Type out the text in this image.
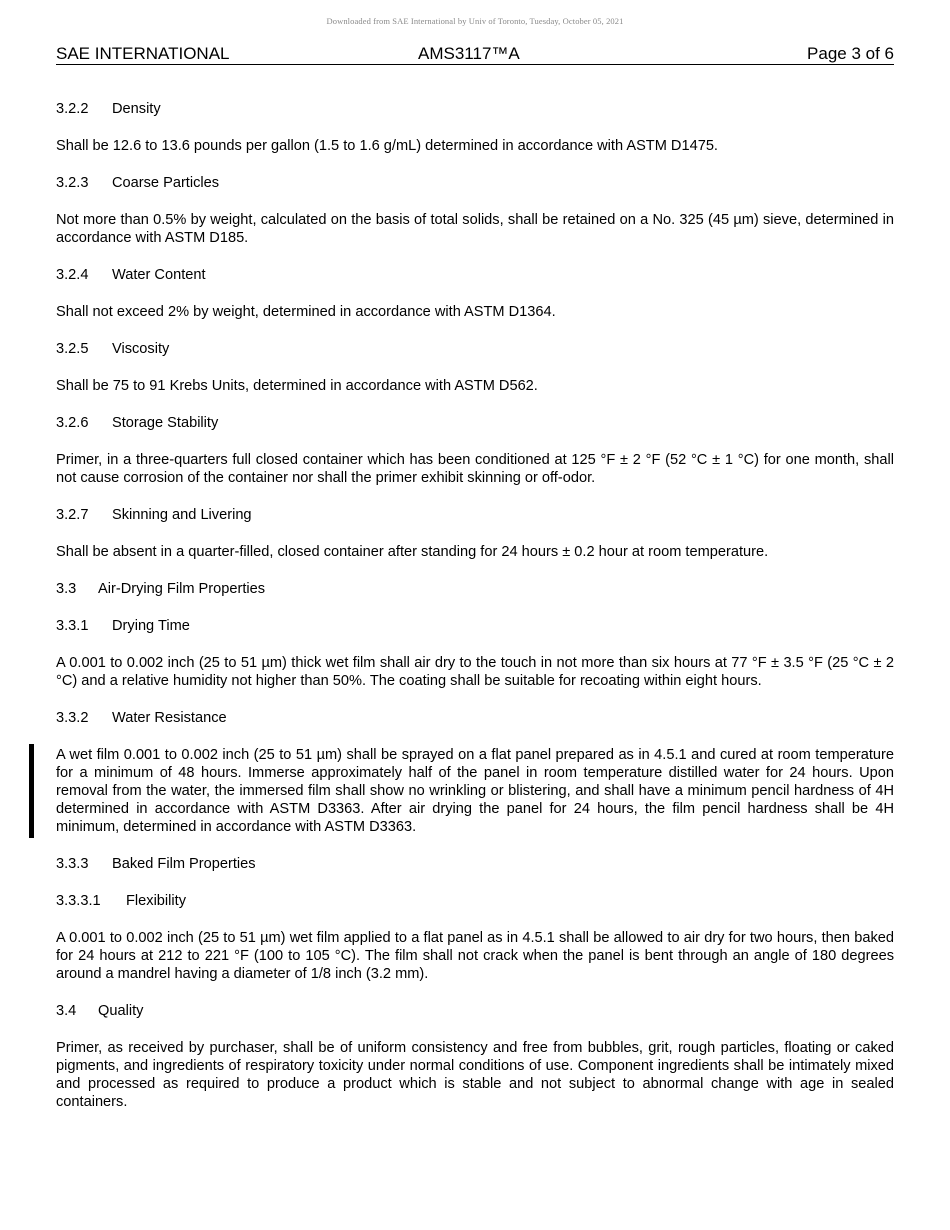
Downloaded from SAE International by Univ of Toronto, Tuesday, October 05, 2021
SAE INTERNATIONAL	AMS3117™A	Page 3 of 6
3.2.2 Density
Shall be 12.6 to 13.6 pounds per gallon (1.5 to 1.6 g/mL) determined in accordance with ASTM D1475.
3.2.3 Coarse Particles
Not more than 0.5% by weight, calculated on the basis of total solids, shall be retained on a No. 325 (45 µm) sieve, determined in accordance with ASTM D185.
3.2.4 Water Content
Shall not exceed 2% by weight, determined in accordance with ASTM D1364.
3.2.5 Viscosity
Shall be 75 to 91 Krebs Units, determined in accordance with ASTM D562.
3.2.6 Storage Stability
Primer, in a three-quarters full closed container which has been conditioned at 125 °F ± 2 °F (52 °C ± 1 °C) for one month, shall not cause corrosion of the container nor shall the primer exhibit skinning or off-odor.
3.2.7 Skinning and Livering
Shall be absent in a quarter-filled, closed container after standing for 24 hours ± 0.2 hour at room temperature.
3.3 Air-Drying Film Properties
3.3.1 Drying Time
A 0.001 to 0.002 inch (25 to 51 µm) thick wet film shall air dry to the touch in not more than six hours at 77 °F ± 3.5 °F (25 °C ± 2 °C) and a relative humidity not higher than 50%. The coating shall be suitable for recoating within eight hours.
3.3.2 Water Resistance
A wet film 0.001 to 0.002 inch (25 to 51 µm) shall be sprayed on a flat panel prepared as in 4.5.1 and cured at room temperature for a minimum of 48 hours. Immerse approximately half of the panel in room temperature distilled water for 24 hours. Upon removal from the water, the immersed film shall show no wrinkling or blistering, and shall have a minimum pencil hardness of 4H determined in accordance with ASTM D3363. After air drying the panel for 24 hours, the film pencil hardness shall be 4H minimum, determined in accordance with ASTM D3363.
3.3.3 Baked Film Properties
3.3.3.1 Flexibility
A 0.001 to 0.002 inch (25 to 51 µm) wet film applied to a flat panel as in 4.5.1 shall be allowed to air dry for two hours, then baked for 24 hours at 212 to 221 °F (100 to 105 °C). The film shall not crack when the panel is bent through an angle of 180 degrees around a mandrel having a diameter of 1/8 inch (3.2 mm).
3.4 Quality
Primer, as received by purchaser, shall be of uniform consistency and free from bubbles, grit, rough particles, floating or caked pigments, and ingredients of respiratory toxicity under normal conditions of use. Component ingredients shall be intimately mixed and processed as required to produce a product which is stable and not subject to abnormal change with age in sealed containers.
